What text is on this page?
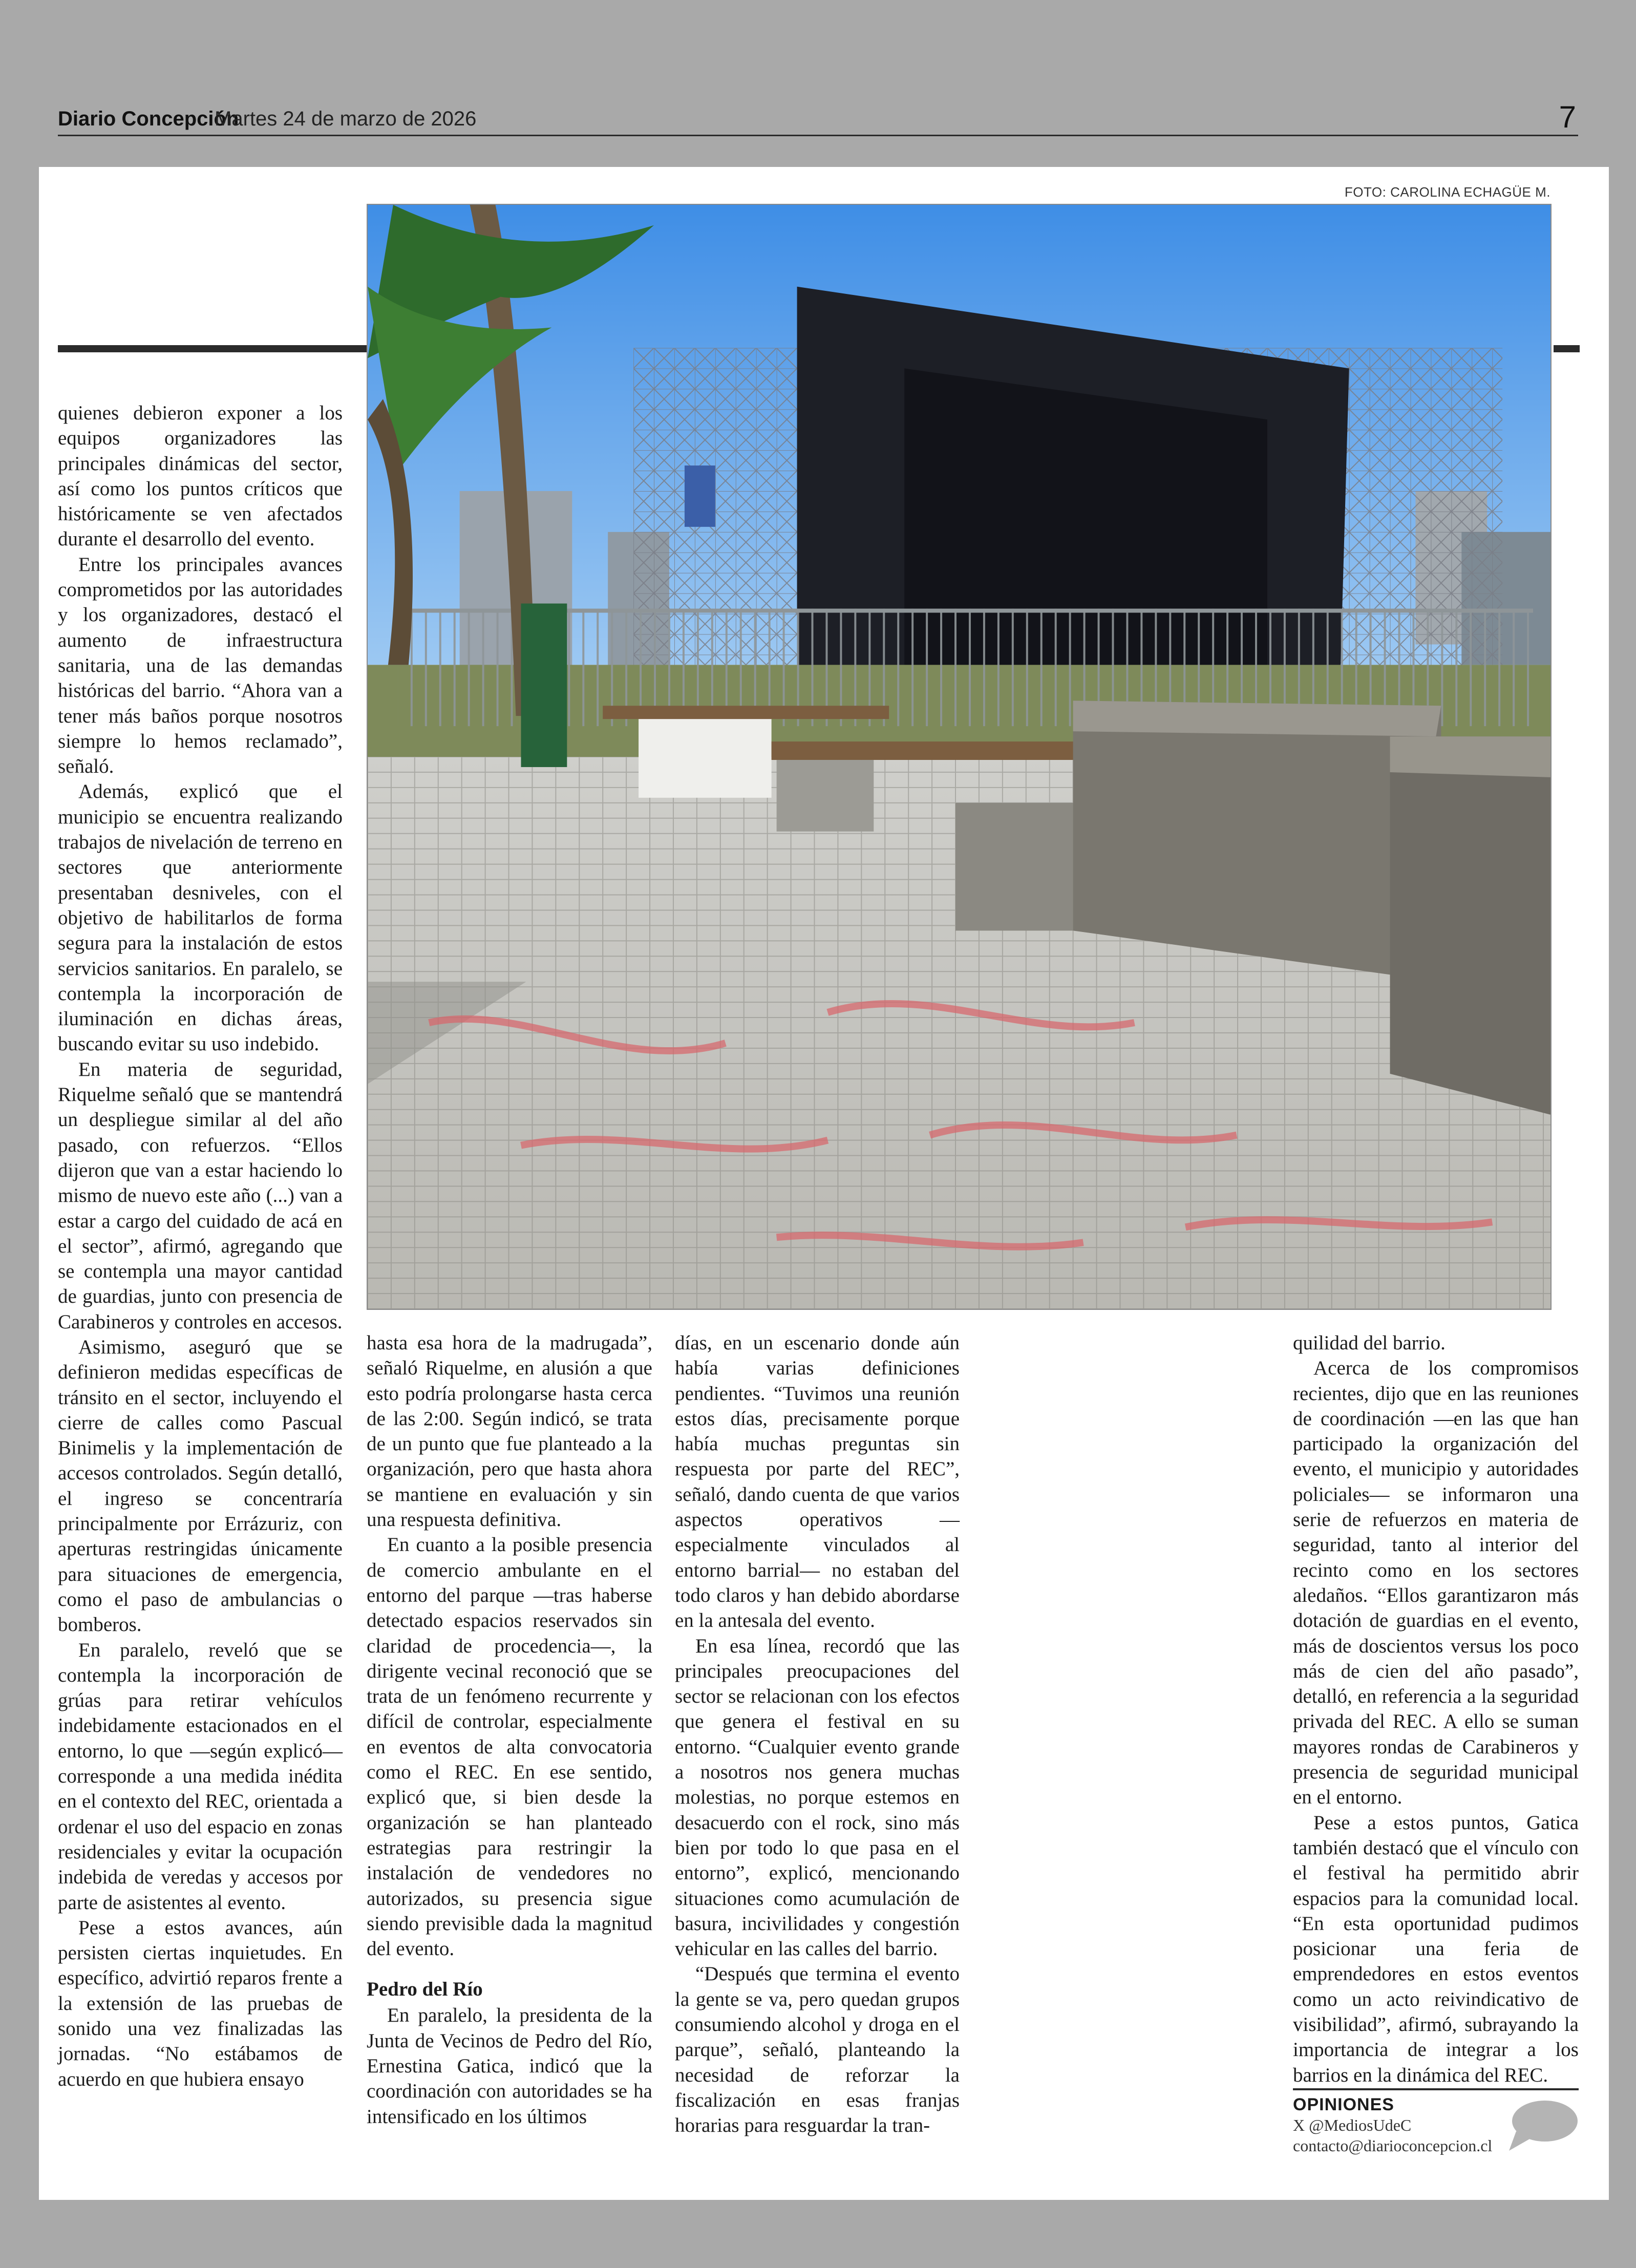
Diario Concepción
Martes 24 de marzo de 2026	7
FOTO: CAROLINA ECHAGÜE M.

quienes debieron exponer a los equipos organizadores las principales dinámicas del sector, así como los puntos críticos que históricamente se ven afectados durante el desarrollo del evento.

Entre los principales avances comprometidos por las autoridades y los organizadores, destacó el aumento de infraestructura sanitaria, una de las demandas históricas del barrio. “Ahora van a tener más baños porque nosotros siempre lo hemos reclamado”, señaló.

Además, explicó que el municipio se encuentra realizando trabajos de nivelación de terreno en sectores que anteriormente presentaban desniveles, con el objetivo de habilitarlos de forma segura para la instalación de estos servicios sanitarios. En paralelo, se contempla la incorporación de iluminación en dichas áreas, buscando evitar su uso indebido.

En materia de seguridad, Riquelme señaló que se mantendrá un despliegue similar al del año pasado, con refuerzos. “Ellos dijeron que van a estar haciendo lo mismo de nuevo este año (...) van a estar a cargo del cuidado de acá en el sector”, afirmó, agregando que se contempla una mayor cantidad de guardias, junto con presencia de Carabineros y controles en accesos.

Asimismo, aseguró que se definieron medidas específicas de tránsito en el sector, incluyendo el cierre de calles como Pascual Binimelis y la implementación de accesos controlados. Según detalló, el ingreso se concentraría principalmente por Errázuriz, con aperturas restringidas únicamente para situaciones de emergencia, como el paso de ambulancias o bomberos.

En paralelo, reveló que se contempla la incorporación de grúas para retirar vehículos indebidamente estacionados en el entorno, lo que —según explicó— corresponde a una medida inédita en el contexto del REC, orientada a ordenar el uso del espacio en zonas residenciales y evitar la ocupación indebida de veredas y accesos por parte de asistentes al evento.

Pese a estos avances, aún persisten ciertas inquietudes. En específico, advirtió reparos frente a la extensión de las pruebas de sonido una vez finalizadas las jornadas. “No estábamos de acuerdo en que hubiera ensayo

hasta esa hora de la madrugada”, señaló Riquelme, en alusión a que esto podría prolongarse hasta cerca de las 2:00. Según indicó, se trata de un punto que fue planteado a la organización, pero que hasta ahora se mantiene en evaluación y sin una respuesta definitiva.

En cuanto a la posible presencia de comercio ambulante en el entorno del parque —tras haberse detectado espacios reservados sin claridad de procedencia—, la dirigente vecinal reconoció que se trata de un fenómeno recurrente y difícil de controlar, especialmente en eventos de alta convocatoria como el REC. En ese sentido, explicó que, si bien desde la organización se han planteado estrategias para restringir la instalación de vendedores no autorizados, su presencia sigue siendo previsible dada la magnitud del evento.

Pedro del Río

En paralelo, la presidenta de la Junta de Vecinos de Pedro del Río, Ernestina Gatica, indicó que la coordinación con autoridades se ha intensificado en los últimos

días, en un escenario donde aún había varias definiciones pendientes. “Tuvimos una reunión estos días, precisamente porque había muchas preguntas sin respuesta por parte del REC”, señaló, dando cuenta de que varios aspectos operativos —especialmente vinculados al entorno barrial— no estaban del todo claros y han debido abordarse en la antesala del evento.

En esa línea, recordó que las principales preocupaciones del sector se relacionan con los efectos que genera el festival en su entorno. “Cualquier evento grande a nosotros nos genera muchas molestias, no porque estemos en desacuerdo con el rock, sino más bien por todo lo que pasa en el entorno”, explicó, mencionando situaciones como acumulación de basura, incivilidades y congestión vehicular en las calles del barrio.

“Después que termina el evento la gente se va, pero quedan grupos consumiendo alcohol y droga en el parque”, señaló, planteando la necesidad de reforzar la fiscalización en esas franjas horarias para resguardar la tran-

quilidad del barrio.

Acerca de los compromisos recientes, dijo que en las reuniones de coordinación —en las que han participado la organización del evento, el municipio y autoridades policiales— se informaron una serie de refuerzos en materia de seguridad, tanto al interior del recinto como en los sectores aledaños. “Ellos garantizaron más dotación de guardias en el evento, más de doscientos versus los poco más de cien del año pasado”, detalló, en referencia a la seguridad privada del REC. A ello se suman mayores rondas de Carabineros y presencia de seguridad municipal en el entorno.

Pese a estos puntos, Gatica también destacó que el vínculo con el festival ha permitido abrir espacios para la comunidad local. “En esta oportunidad pudimos posicionar una feria de emprendedores en estos eventos como un acto reivindicativo de visibilidad”, afirmó, subrayando la importancia de integrar a los barrios en la dinámica del REC.

OPINIONES
X @MediosUdeC
contacto@diarioconcepcion.cl
